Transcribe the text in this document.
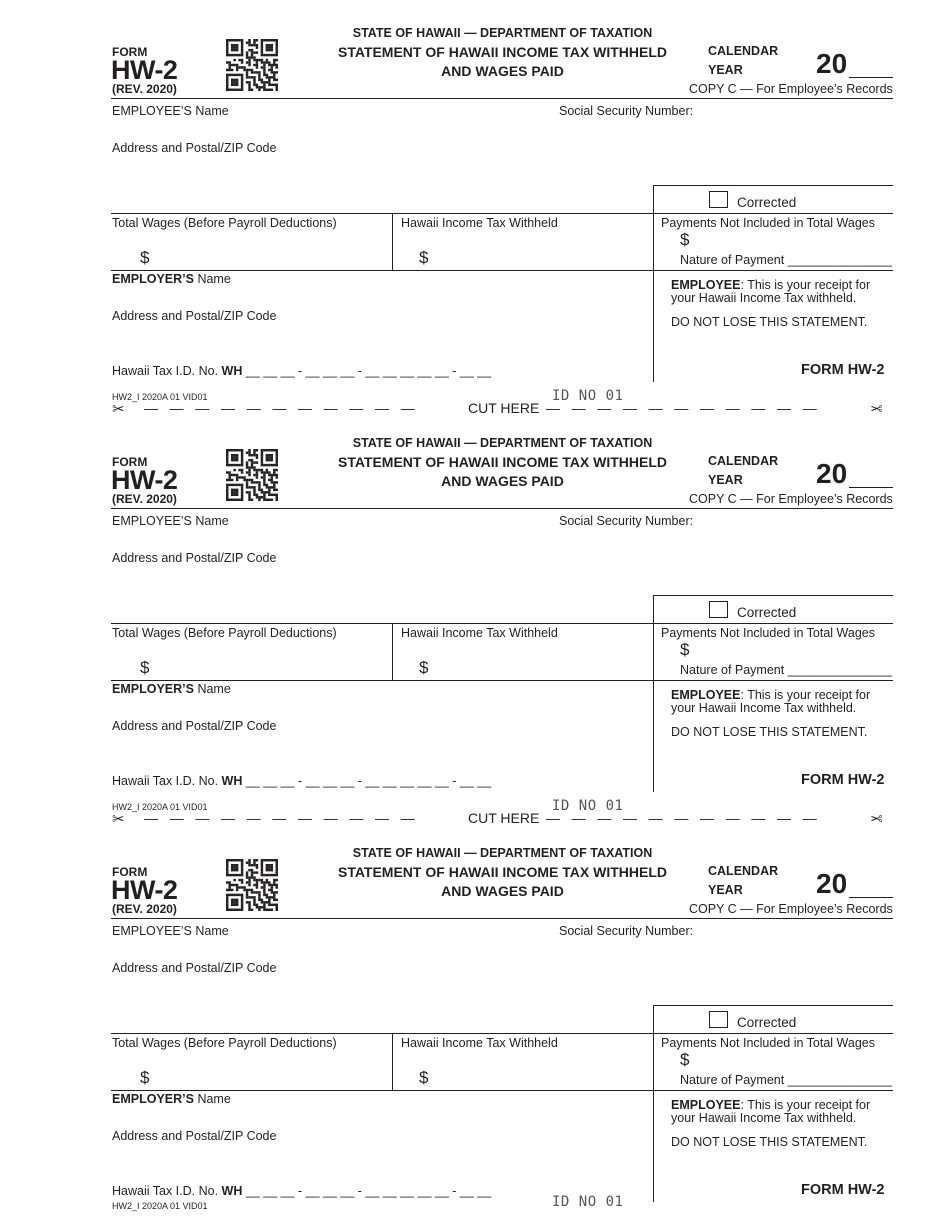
FORM
HW-2
(REV. 2020)
STATE OF HAWAII — DEPARTMENT OF TAXATION
STATEMENT OF HAWAII INCOME TAX WITHHELD AND WAGES PAID
CALENDAR
YEAR	20
COPY C — For Employee’s Records
EMPLOYEE’S Name	Social Security Number:
Address and Postal/ZIP Code
Corrected
Total Wages (Before Payroll Deductions)
$
Hawaii Income Tax Withheld
$
Payments Not Included in Total Wages
$
Nature of Payment _______________
EMPLOYER’S Name
Address and Postal/ZIP Code
EMPLOYEE: This is your receipt for your Hawaii Income Tax withheld.
DO NOT LOSE THIS STATEMENT.
Hawaii Tax I.D. No. WH __ __ __ - __ __ __ - __ __ __ __ __ - __ __	FORM HW-2
HW2_I 2020A 01 VID01	ID NO 01
✂ —   —   —   —   —   —   —   —   —   —   —	CUT HERE —   —   —   —   —   —   —   —   —   —   —	✂
FORM
HW-2
(REV. 2020)
STATE OF HAWAII — DEPARTMENT OF TAXATION
STATEMENT OF HAWAII INCOME TAX WITHHELD AND WAGES PAID
CALENDAR
YEAR	20
COPY C — For Employee’s Records
EMPLOYEE’S Name	Social Security Number:
Address and Postal/ZIP Code
Corrected
Total Wages (Before Payroll Deductions)
$
Hawaii Income Tax Withheld
$
Payments Not Included in Total Wages
$
Nature of Payment _______________
EMPLOYER’S Name
Address and Postal/ZIP Code
EMPLOYEE: This is your receipt for your Hawaii Income Tax withheld.
DO NOT LOSE THIS STATEMENT.
Hawaii Tax I.D. No. WH __ __ __ - __ __ __ - __ __ __ __ __ - __ __	FORM HW-2
HW2_I 2020A 01 VID01	ID NO 01
✂ —   —   —   —   —   —   —   —   —   —   —	CUT HERE —   —   —   —   —   —   —   —   —   —   —	✂
FORM
HW-2
(REV. 2020)
STATE OF HAWAII — DEPARTMENT OF TAXATION
STATEMENT OF HAWAII INCOME TAX WITHHELD AND WAGES PAID
CALENDAR
YEAR	20
COPY C — For Employee’s Records
EMPLOYEE’S Name	Social Security Number:
Address and Postal/ZIP Code
Corrected
Total Wages (Before Payroll Deductions)
$
Hawaii Income Tax Withheld
$
Payments Not Included in Total Wages
$
Nature of Payment _______________
EMPLOYER’S Name
Address and Postal/ZIP Code
EMPLOYEE: This is your receipt for your Hawaii Income Tax withheld.
DO NOT LOSE THIS STATEMENT.
Hawaii Tax I.D. No. WH __ __ __ - __ __ __ - __ __ __ __ __ - __ __	FORM HW-2
HW2_I 2020A 01 VID01	ID NO 01
